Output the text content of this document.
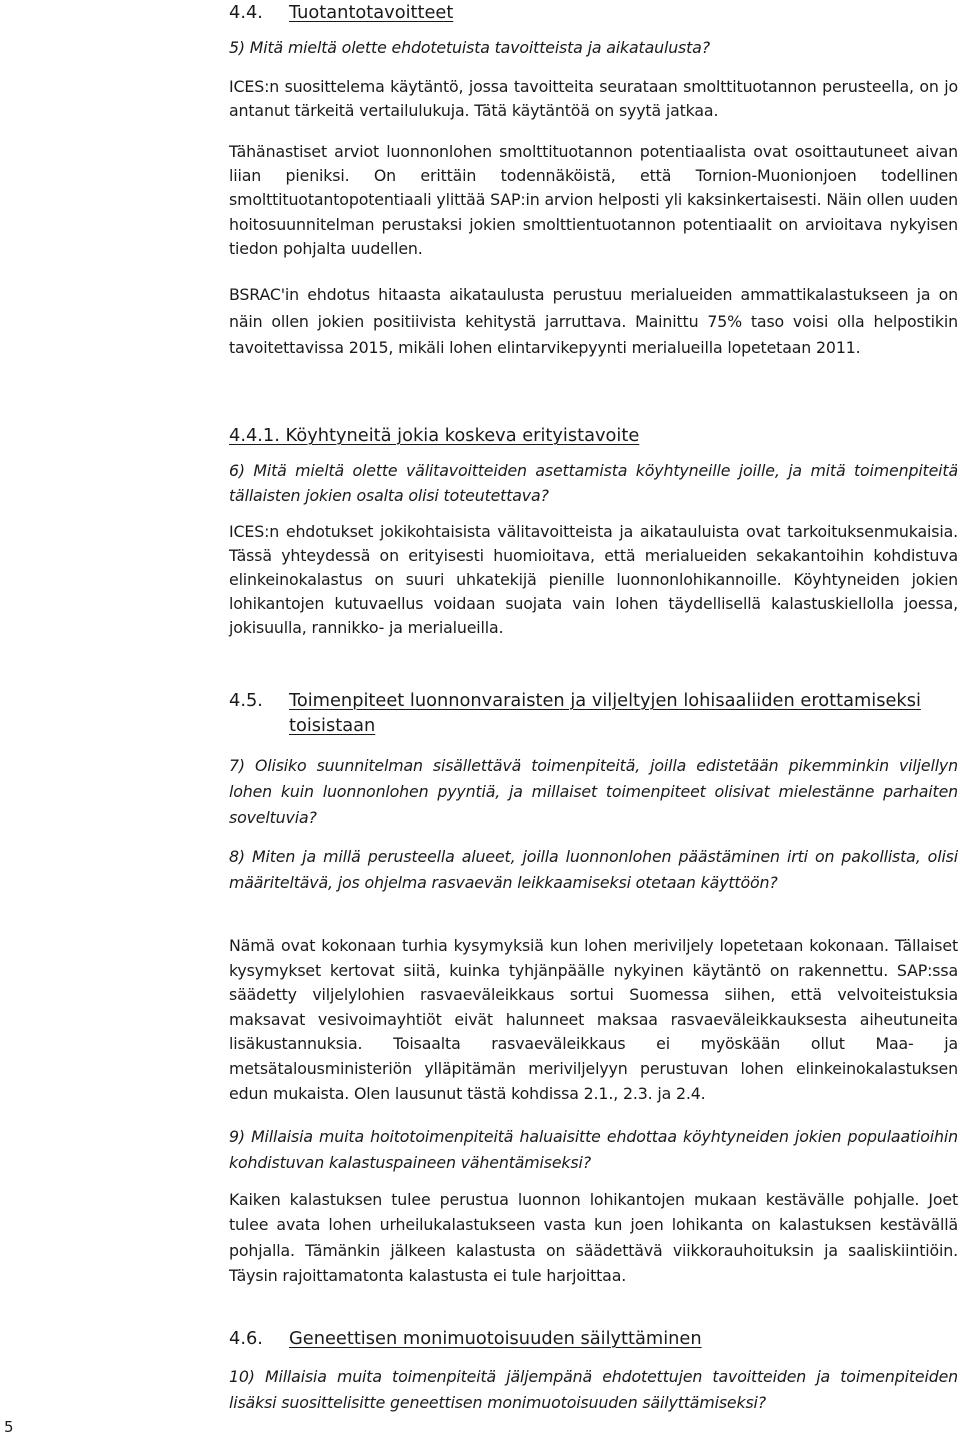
4.4. Tuotantotavoitteet

5) Mitä mieltä olette ehdotetuista tavoitteista ja aikataulusta?

ICES:n suosittelema käytäntö, jossa tavoitteita seurataan smolttituotannon perusteella, on jo antanut tärkeitä vertailulukuja. Tätä käytäntöä on syytä jatkaa.

Tähänastiset arviot luonnonlohen smolttituotannon potentiaalista ovat osoittautuneet aivan liian pieniksi. On erittäin todennäköistä, että Tornion-Muonionjoen todellinen smolttituotantopotentiaali ylittää SAP:in arvion helposti yli kaksinkertaisesti. Näin ollen uuden hoitosuunnitelman perustaksi jokien smolttientuotannon potentiaalit on arvioitava nykyisen tiedon pohjalta uudellen.

BSRAC'in ehdotus hitaasta aikataulusta perustuu merialueiden ammattikalastukseen ja on näin ollen jokien positiivista kehitystä jarruttava. Mainittu 75% taso voisi olla helpostikin tavoitettavissa 2015, mikäli lohen elintarvikepyynti merialueilla lopetetaan 2011.

4.4.1. Köyhtyneitä jokia koskeva erityistavoite

6) Mitä mieltä olette välitavoitteiden asettamista köyhtyneille joille, ja mitä toimenpiteitä tällaisten jokien osalta olisi toteutettava?

ICES:n ehdotukset jokikohtaisista välitavoitteista ja aikatauluista ovat tarkoituksenmukaisia. Tässä yhteydessä on erityisesti huomioitava, että merialueiden sekakantoihin kohdistuva elinkeinokalastus on suuri uhkatekijä pienille luonnonlohikannoille. Köyhtyneiden jokien lohikantojen kutuvaellus voidaan suojata vain lohen täydellisellä kalastuskiellolla joessa, jokisuulla, rannikko- ja merialueilla.

4.5. Toimenpiteet luonnonvaraisten ja viljeltyjen lohisaaliiden erottamiseksi toisistaan

7) Olisiko suunnitelman sisällettävä toimenpiteitä, joilla edistetään pikemminkin viljellyn lohen kuin luonnonlohen pyyntiä, ja millaiset toimenpiteet olisivat mielestänne parhaiten soveltuvia?

8) Miten ja millä perusteella alueet, joilla luonnonlohen päästäminen irti on pakollista, olisi määriteltävä, jos ohjelma rasvaevän leikkaamiseksi otetaan käyttöön?

Nämä ovat kokonaan turhia kysymyksiä kun lohen meriviljely lopetetaan kokonaan. Tällaiset kysymykset kertovat siitä, kuinka tyhjänpäälle nykyinen käytäntö on rakennettu. SAP:ssa säädetty viljelylohien rasvaeväleikkaus sortui Suomessa siihen, että velvoiteistuksia maksavat vesivoimayhtiöt eivät halunneet maksaa rasvaeväleikkauksesta aiheutuneita lisäkustannuksia. Toisaalta rasvaeväleikkaus ei myöskään ollut Maa- ja metsätalousministeriön ylläpitämän meriviljelyyn perustuvan lohen elinkeinokalastuksen edun mukaista. Olen lausunut tästä kohdissa 2.1., 2.3. ja 2.4.

9) Millaisia muita hoitotoimenpiteitä haluaisitte ehdottaa köyhtyneiden jokien populaatioihin kohdistuvan kalastuspaineen vähentämiseksi?

Kaiken kalastuksen tulee perustua luonnon lohikantojen mukaan kestävälle pohjalle. Joet tulee avata lohen urheilukalastukseen vasta kun joen lohikanta on kalastuksen kestävällä pohjalla. Tämänkin jälkeen kalastusta on säädettävä viikkorauhoituksin ja saaliskiintiöin. Täysin rajoittamatonta kalastusta ei tule harjoittaa.

4.6. Geneettisen monimuotoisuuden säilyttäminen

10) Millaisia muita toimenpiteitä jäljempänä ehdotettujen tavoitteiden ja toimenpiteiden lisäksi suosittelisitte geneettisen monimuotoisuuden säilyttämiseksi?

5
